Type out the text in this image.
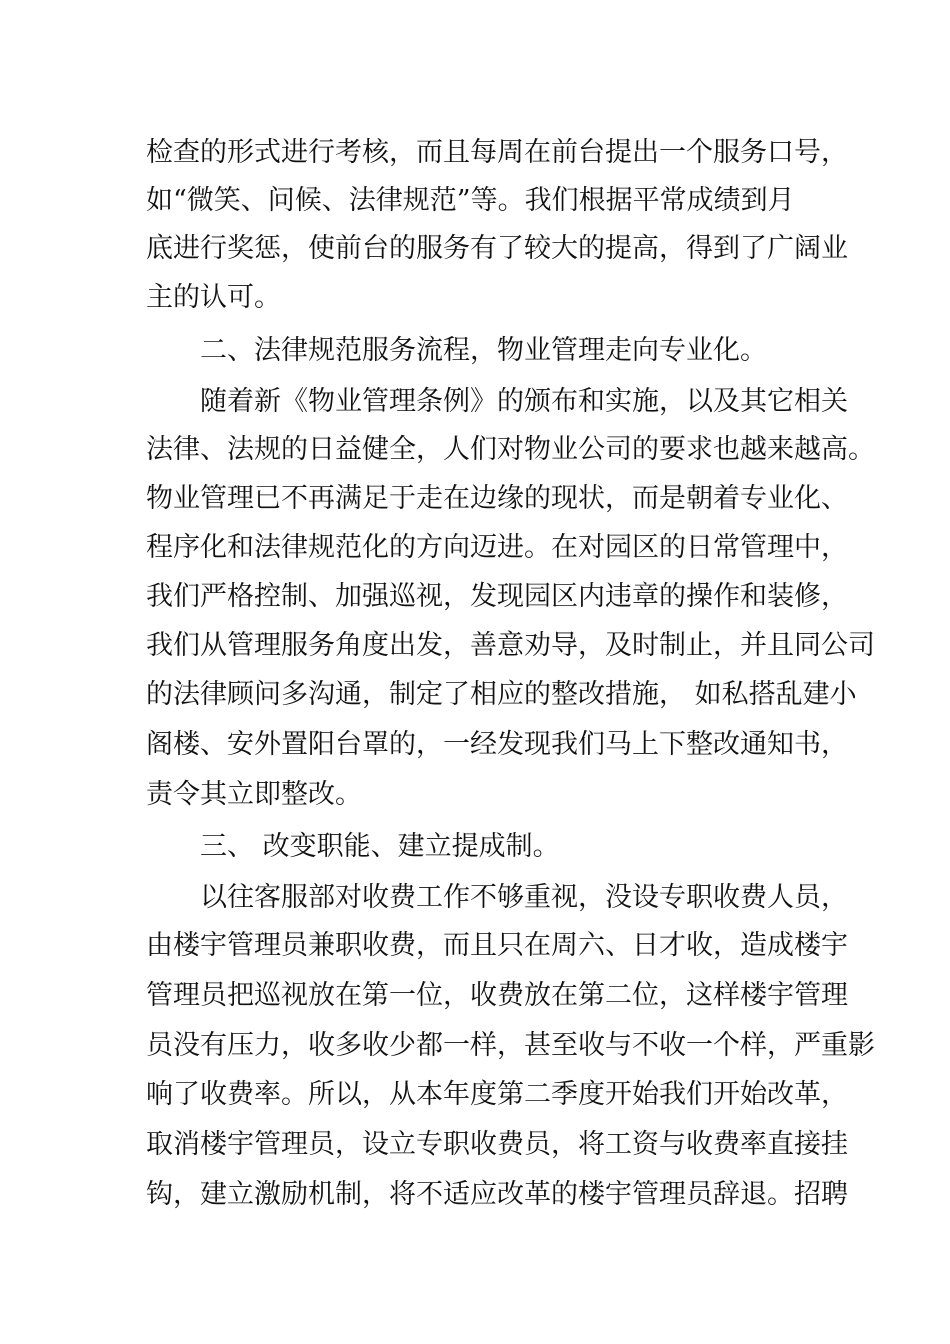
检查的形式进行考核，而且每周在前台提出一个服务口号，
如“微笑、问候、法律规范”等。我们根据平常成绩到月
底进行奖惩，使前台的服务有了较大的提高，得到了广阔业
主的认可。
二、法律规范服务流程，物业管理走向专业化。
随着新《物业管理条例》的颁布和实施，以及其它相关
法律、法规的日益健全，人们对物业公司的要求也越来越高。
物业管理已不再满足于走在边缘的现状，而是朝着专业化、
程序化和法律规范化的方向迈进。在对园区的日常管理中，
我们严格控制、加强巡视，发现园区内违章的操作和装修，
我们从管理服务角度出发，善意劝导，及时制止，并且同公司
的法律顾问多沟通，制定了相应的整改措施， 如私搭乱建小
阁楼、安外置阳台罩的，一经发现我们马上下整改通知书，
责令其立即整改。
三、 改变职能、建立提成制。
以往客服部对收费工作不够重视，没设专职收费人员，
由楼宇管理员兼职收费，而且只在周六、日才收，造成楼宇
管理员把巡视放在第一位，收费放在第二位，这样楼宇管理
员没有压力，收多收少都一样，甚至收与不收一个样，严重影
响了收费率。所以，从本年度第二季度开始我们开始改革，
取消楼宇管理员，设立专职收费员，将工资与收费率直接挂
钩，建立激励机制，将不适应改革的楼宇管理员辞退。招聘
